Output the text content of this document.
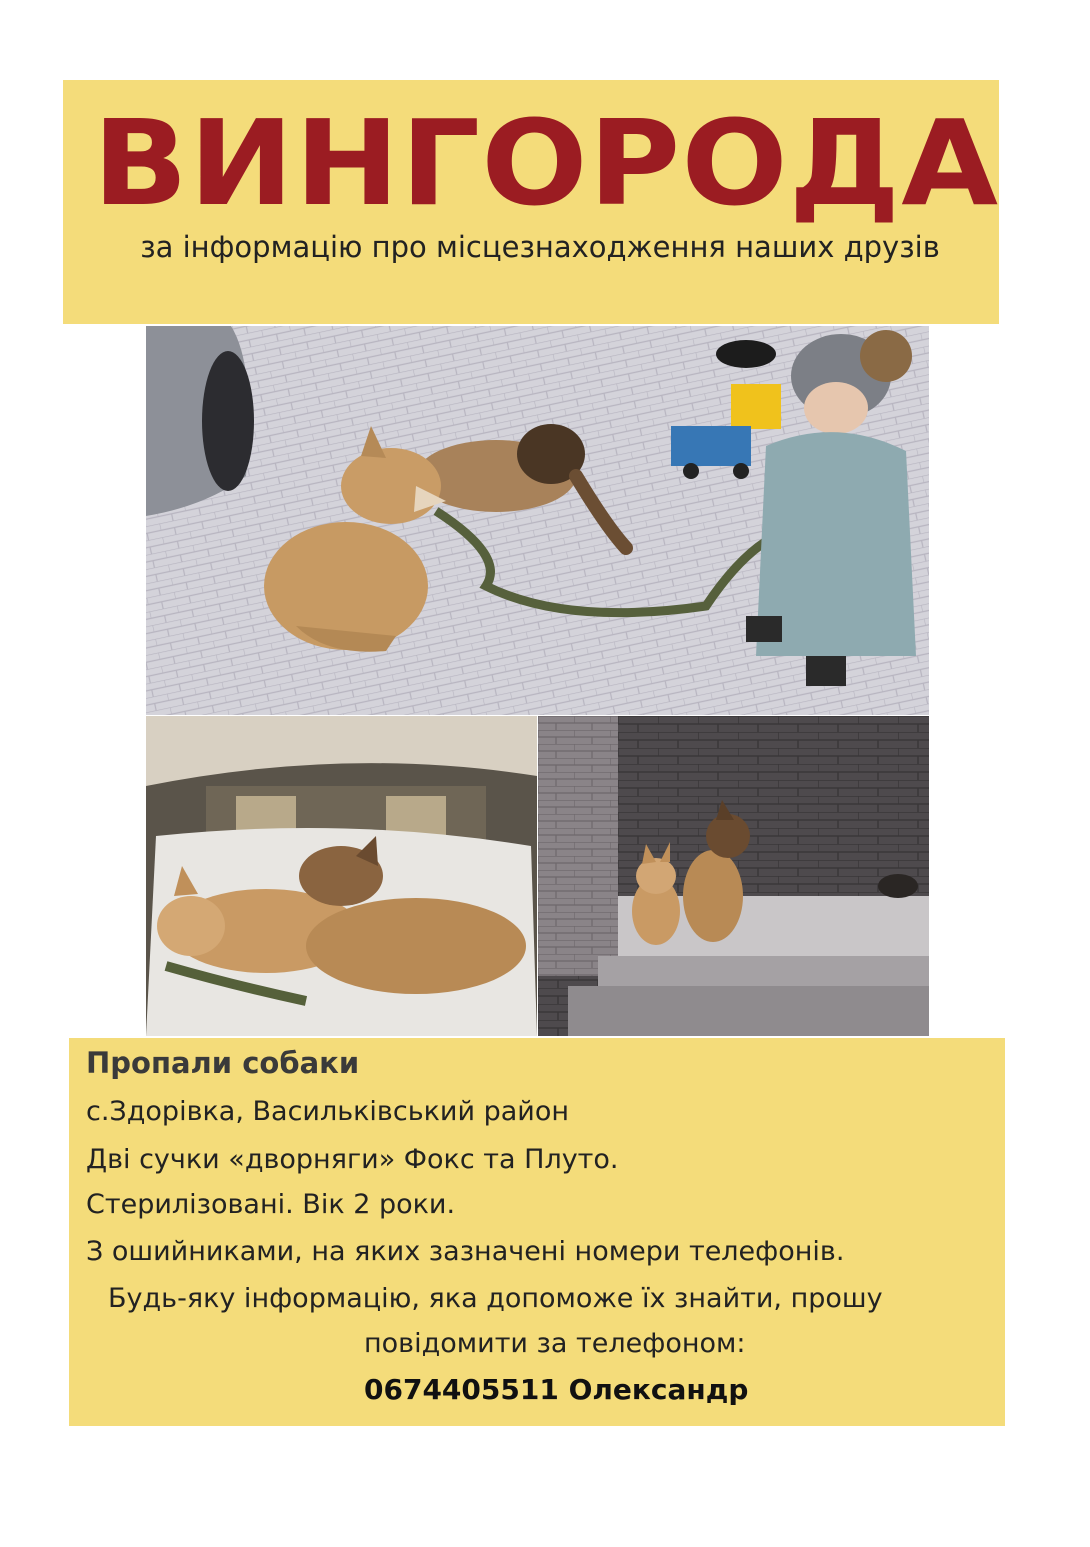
ВИНГОРОДА
за інформацію про місцезнаходження наших друзів
Пропали собаки
с.Здорівка, Васильківський район
Дві сучки «дворняги» Фокс та Плуто.
Стерилізовані. Вік 2 роки.
З ошийниками, на яких зазначені номери телефонів.
Будь-яку інформацію, яка допоможе їх знайти, прошу
повідомити за телефоном:
0674405511 Олександр
